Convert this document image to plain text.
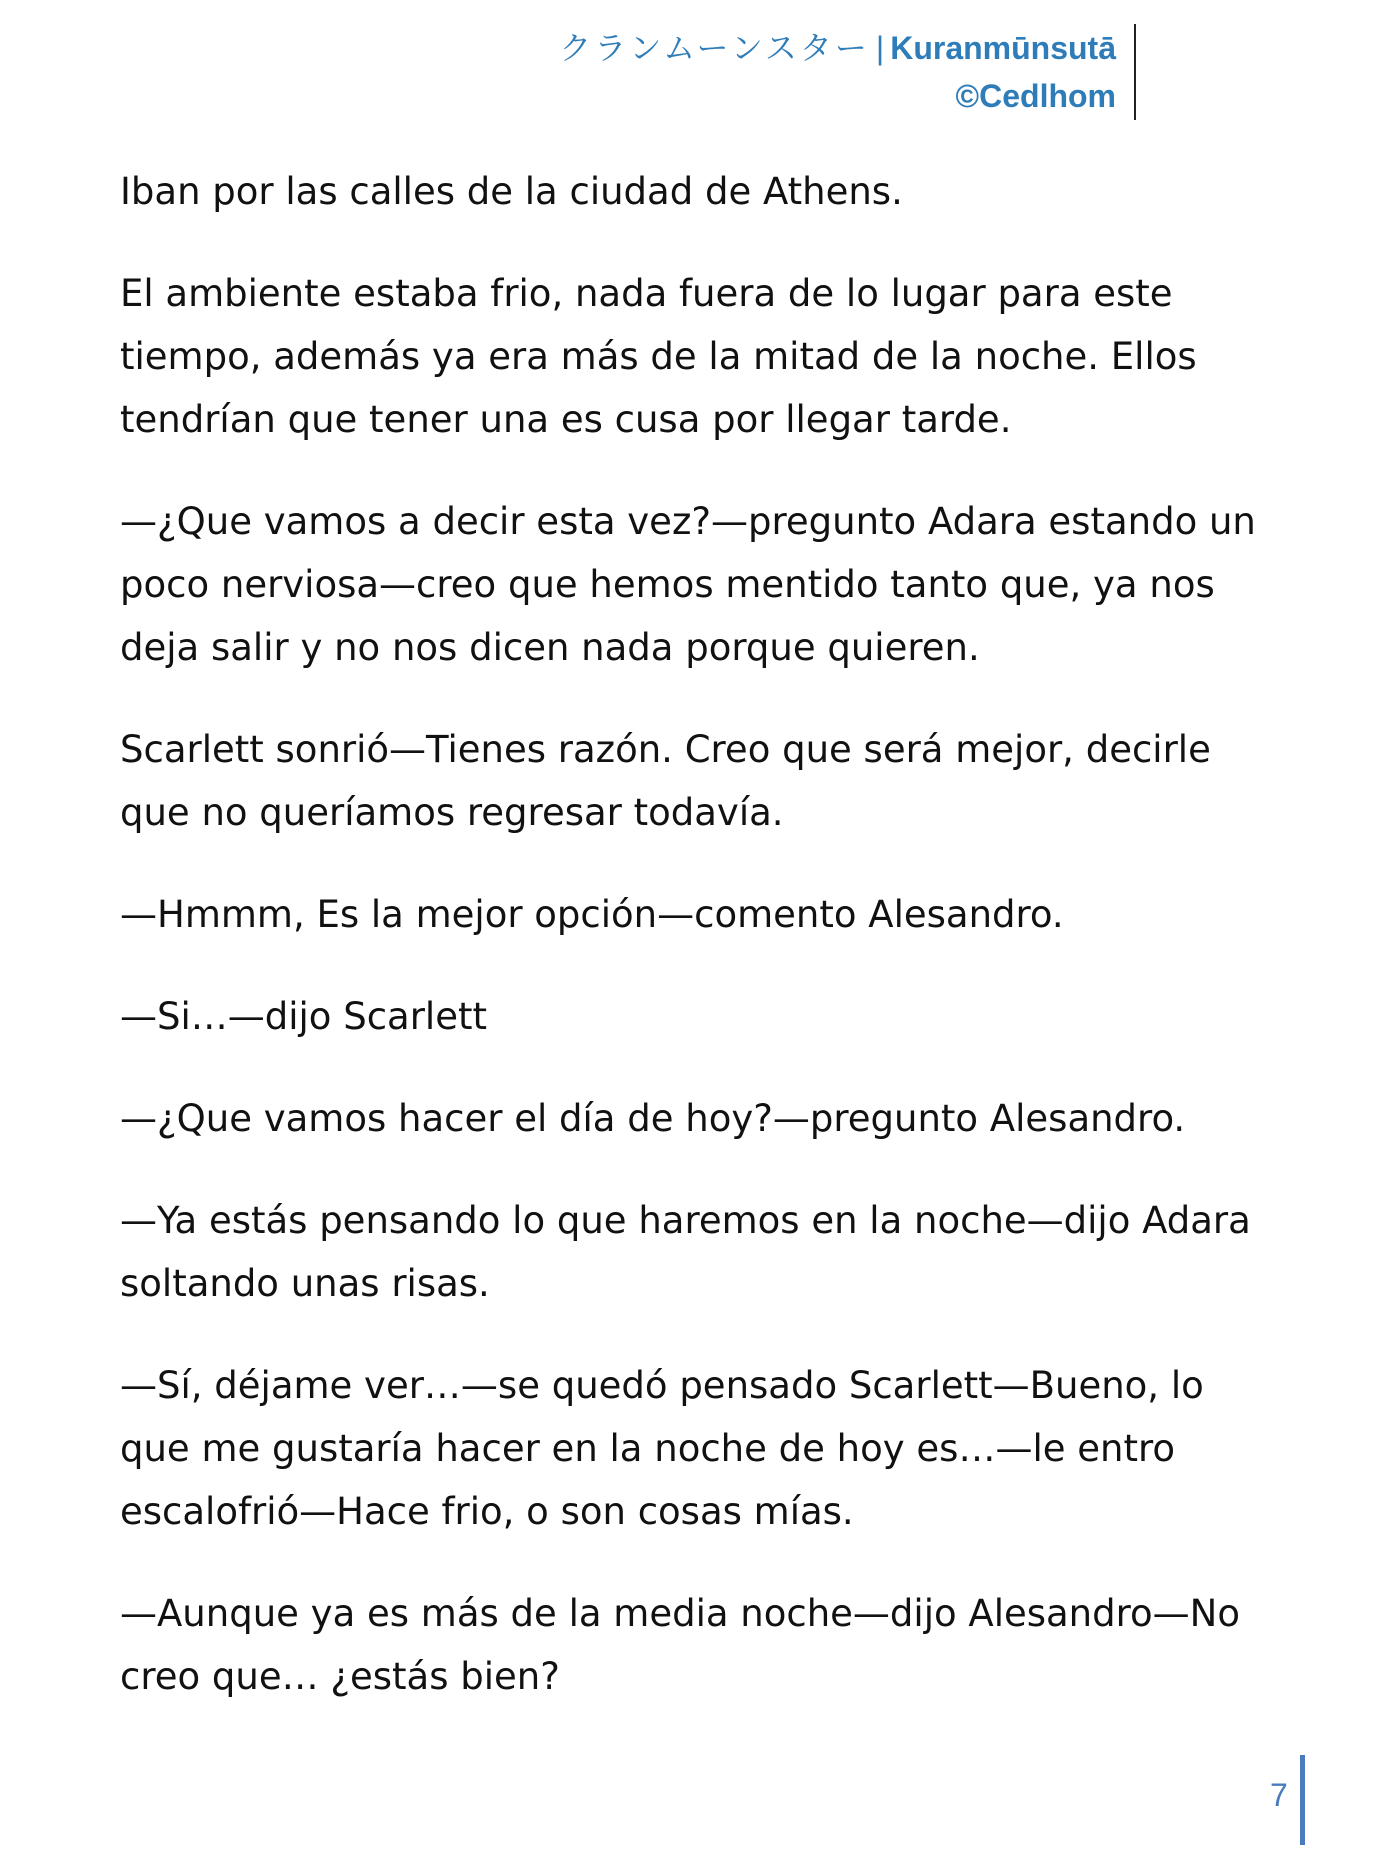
クランムーンスター | Kuranmūnsutā
©Cedlhom

Iban por las calles de la ciudad de Athens.

El ambiente estaba frio, nada fuera de lo lugar para este tiempo, además ya era más de la mitad de la noche. Ellos tendrían que tener una es cusa por llegar tarde.

—¿Que vamos a decir esta vez?—pregunto Adara estando un poco nerviosa—creo que hemos mentido tanto que, ya nos deja salir y no nos dicen nada porque quieren.

Scarlett sonrió—Tienes razón. Creo que será mejor, decirle que no queríamos regresar todavía.

—Hmmm, Es la mejor opción—comento Alesandro.

—Si…—dijo Scarlett

—¿Que vamos hacer el día de hoy?—pregunto Alesandro.

—Ya estás pensando lo que haremos en la noche—dijo Adara soltando unas risas.

—Sí, déjame ver…—se quedó pensado Scarlett—Bueno, lo que me gustaría hacer en la noche de hoy es…—le entro escalofrió—Hace frio, o son cosas mías.

—Aunque ya es más de la media noche—dijo Alesandro—No creo que… ¿estás bien?

7
